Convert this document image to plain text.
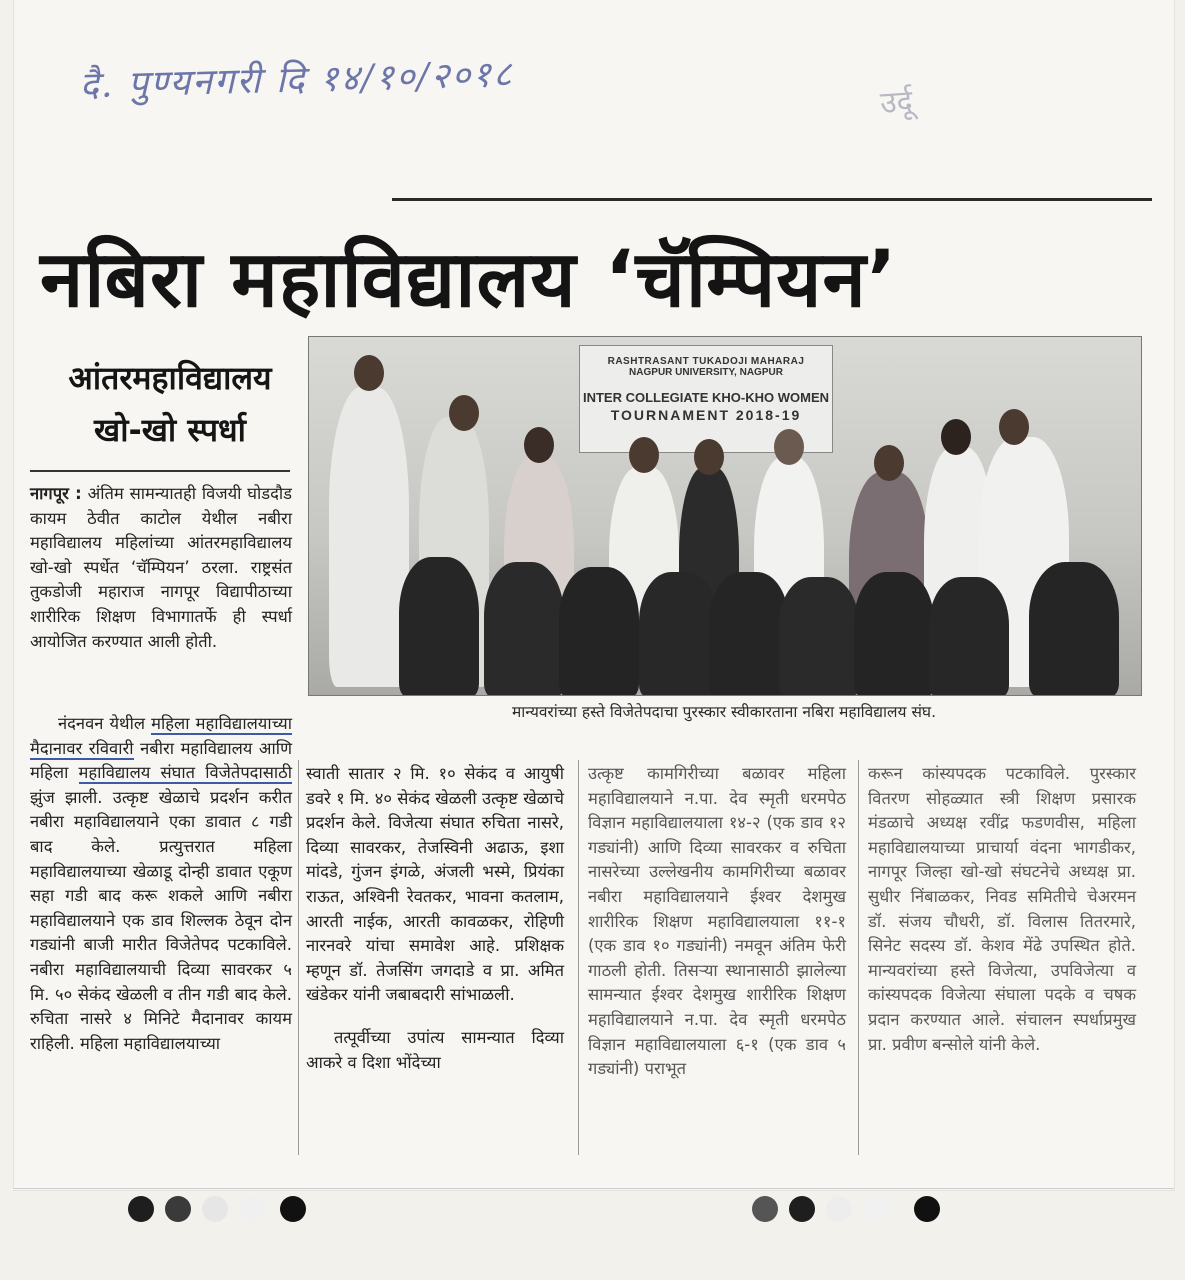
दै. पुण्यनगरी दि १४/१०/२०१८	उर्दू
नबिरा महाविद्यालय ‘चॅम्पियन’
आंतरमहाविद्यालय
खो-खो स्पर्धा
RASHTRASANT TUKADOJI MAHARAJ
NAGPUR UNIVERSITY, NAGPUR
INTER COLLEGIATE KHO-KHO WOMEN
TOURNAMENT 2018-19
मान्यवरांच्या हस्ते विजेतेपदाचा पुरस्कार स्वीकारताना नबिरा महाविद्यालय संघ.

नागपूर : अंतिम सामन्यातही विजयी घोडदौड कायम ठेवीत काटोल येथील नबीरा महाविद्यालय महिलांच्या आंतरमहाविद्यालय खो-खो स्पर्धेत ‘चॅम्पियन’ ठरला. राष्ट्रसंत तुकडोजी महाराज नागपूर विद्यापीठाच्या शारीरिक शिक्षण विभागातर्फे ही स्पर्धा आयोजित करण्यात आली होती.

नंदनवन येथील महिला महाविद्यालयाच्या मैदानावर रविवारी नबीरा महाविद्यालय आणि महिला महाविद्यालय संघात विजेतेपदासाठी झुंज झाली. उत्कृष्ट खेळाचे प्रदर्शन करीत नबीरा महाविद्यालयाने एका डावात ८ गडी बाद केले. प्रत्युत्तरात महिला महाविद्यालयाच्या खेळाडू दोन्ही डावात एकूण सहा गडी बाद करू शकले आणि नबीरा महाविद्यालयाने एक डाव शिल्लक ठेवून दोन गड्यांनी बाजी मारीत विजेतेपद पटकाविले. नबीरा महाविद्यालयाची दिव्या सावरकर ५ मि. ५० सेकंद खेळली व तीन गडी बाद केले. रुचिता नासरे ४ मिनिटे मैदानावर कायम राहिली. महिला महाविद्यालयाच्या

स्वाती सातार २ मि. १० सेकंद व आयुषी डवरे १ मि. ४० सेकंद खेळली उत्कृष्ट खेळाचे प्रदर्शन केले. विजेत्या संघात रुचिता नासरे, दिव्या सावरकर, तेजस्विनी अढाऊ, इशा मांदडे, गुंजन इंगळे, अंजली भस्मे, प्रियंका राऊत, अश्विनी रेवतकर, भावना कतलाम, आरती नाईक, आरती कावळकर, रोहिणी नारनवरे यांचा समावेश आहे. प्रशिक्षक म्हणून डॉ. तेजसिंग जगदाडे व प्रा. अमित खंडेकर यांनी जबाबदारी सांभाळली.

तत्पूर्वीच्या उपांत्य सामन्यात दिव्या आकरे व दिशा भोंदेच्या

उत्कृष्ट कामगिरीच्या बळावर महिला महाविद्यालयाने न.पा. देव स्मृती धरमपेठ विज्ञान महाविद्यालयाला १४-२ (एक डाव १२ गड्यांनी) आणि दिव्या सावरकर व रुचिता नासरेच्या उल्लेखनीय कामगिरीच्या बळावर नबीरा महाविद्यालयाने ईश्वर देशमुख शारीरिक शिक्षण महाविद्यालयाला ११-१ (एक डाव १० गड्यांनी) नमवून अंतिम फेरी गाठली होती. तिसऱ्या स्थानासाठी झालेल्या सामन्यात ईश्वर देशमुख शारीरिक शिक्षण महाविद्यालयाने न.पा. देव स्मृती धरमपेठ विज्ञान महाविद्यालयाला ६-१ (एक डाव ५ गड्यांनी) पराभूत

करून कांस्यपदक पटकाविले. पुरस्कार वितरण सोहळ्यात स्त्री शिक्षण प्रसारक मंडळाचे अध्यक्ष रवींद्र फडणवीस, महिला महाविद्यालयाच्या प्राचार्या वंदना भागडीकर, नागपूर जिल्हा खो-खो संघटनेचे अध्यक्ष प्रा. सुधीर निंबाळकर, निवड समितीचे चेअरमन डॉ. संजय चौधरी, डॉ. विलास तितरमारे, सिनेट सदस्य डॉ. केशव मेंढे उपस्थित होते. मान्यवरांच्या हस्ते विजेत्या, उपविजेत्या व कांस्यपदक विजेत्या संघाला पदके व चषक प्रदान करण्यात आले. संचालन स्पर्धाप्रमुख प्रा. प्रवीण बन्सोले यांनी केले.
